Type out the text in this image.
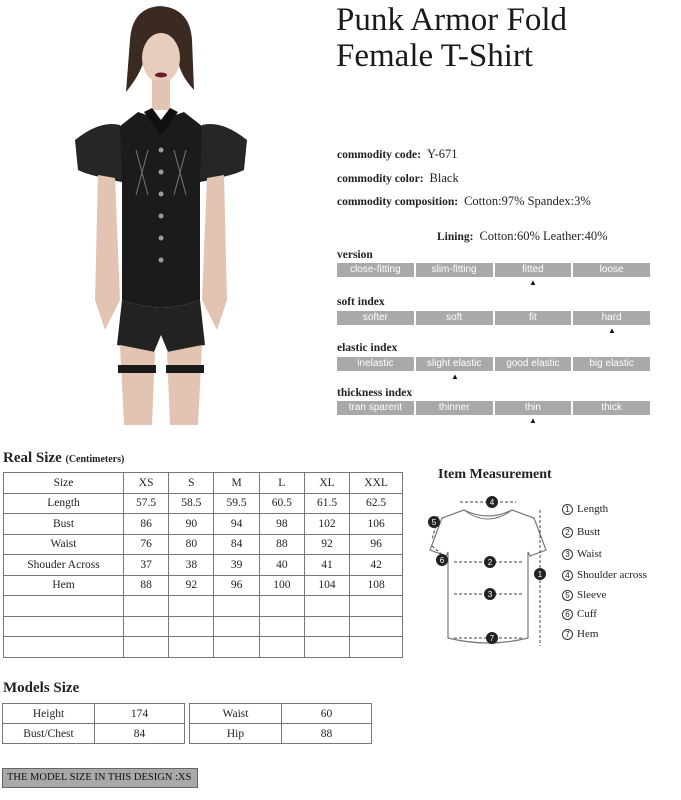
Punk Armor Fold
Female T-Shirt
commodity code: Y-671
commodity color: Black
commodity composition: Cotton:97% Spandex:3%
Lining: Cotton:60% Leather:40%
version
close-fitting	slim-fitting	fitted	loose
▲
soft index
softer	soft	fit	hard
▲
elastic index
inelastic	slight elastic	good elastic	big elastic
▲
thickness index
tran sparent	thinner	thin	thick
▲
Real Size (Centimeters)
Size	XS	S	M	L	XL	XXL
Length	57.5	58.5	59.5	60.5	61.5	62.5
Bust	86	90	94	98	102	106
Waist	76	80	84	88	92	96
Shouder Across	37	38	39	40	41	42
Hem	88	92	96	100	104	108

Item Measurement
4
2
3
7
1
5
6
1 Length
2 Bustt
3 Waist
4 Shoulder across
5 Sleeve
6 Cuff
7 Hem
Models Size
Height	174
Bust/Chest	84
Waist	60
Hip	88
THE MODEL SIZE IN THIS DESIGN :XS
